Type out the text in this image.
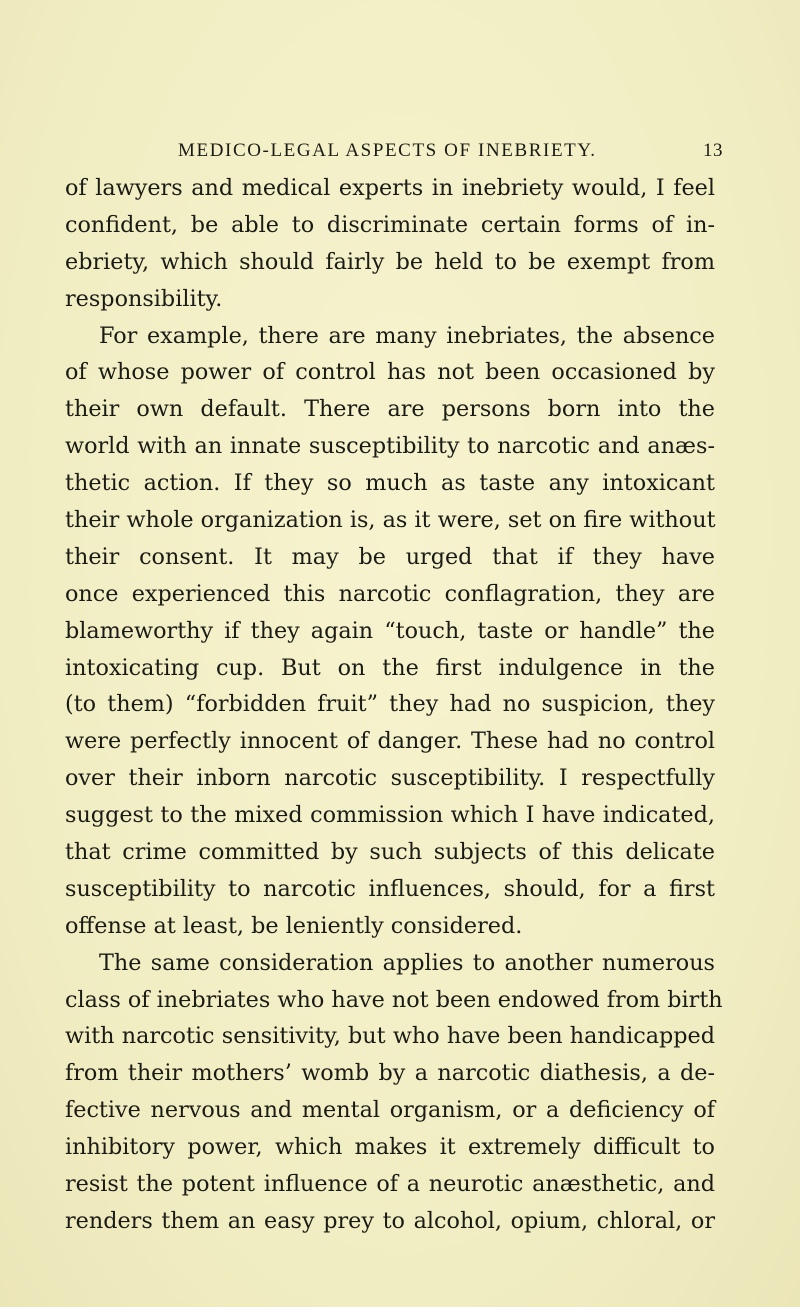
MEDICO-LEGAL ASPECTS OF INEBRIETY.	13
of lawyers and medical experts in inebriety would, I feel
confident, be able to discriminate certain forms of in-
ebriety, which should fairly be held to be exempt from
responsibility.
For example, there are many inebriates, the absence
of whose power of control has not been occasioned by
their own default. There are persons born into the
world with an innate susceptibility to narcotic and anæs-
thetic action. If they so much as taste any intoxicant
their whole organization is, as it were, set on fire without
their consent. It may be urged that if they have
once experienced this narcotic conflagration, they are
blameworthy if they again “touch, taste or handle” the
intoxicating cup. But on the first indulgence in the
(to them) “forbidden fruit” they had no suspicion, they
were perfectly innocent of danger. These had no control
over their inborn narcotic susceptibility. I respectfully
suggest to the mixed commission which I have indicated,
that crime committed by such subjects of this delicate
susceptibility to narcotic influences, should, for a first
offense at least, be leniently considered.
The same consideration applies to another numerous
class of inebriates who have not been endowed from birth
with narcotic sensitivity, but who have been handicapped
from their mothers’ womb by a narcotic diathesis, a de-
fective nervous and mental organism, or a deficiency of
inhibitory power, which makes it extremely difficult to
resist the potent influence of a neurotic anæsthetic, and
renders them an easy prey to alcohol, opium, chloral, or
